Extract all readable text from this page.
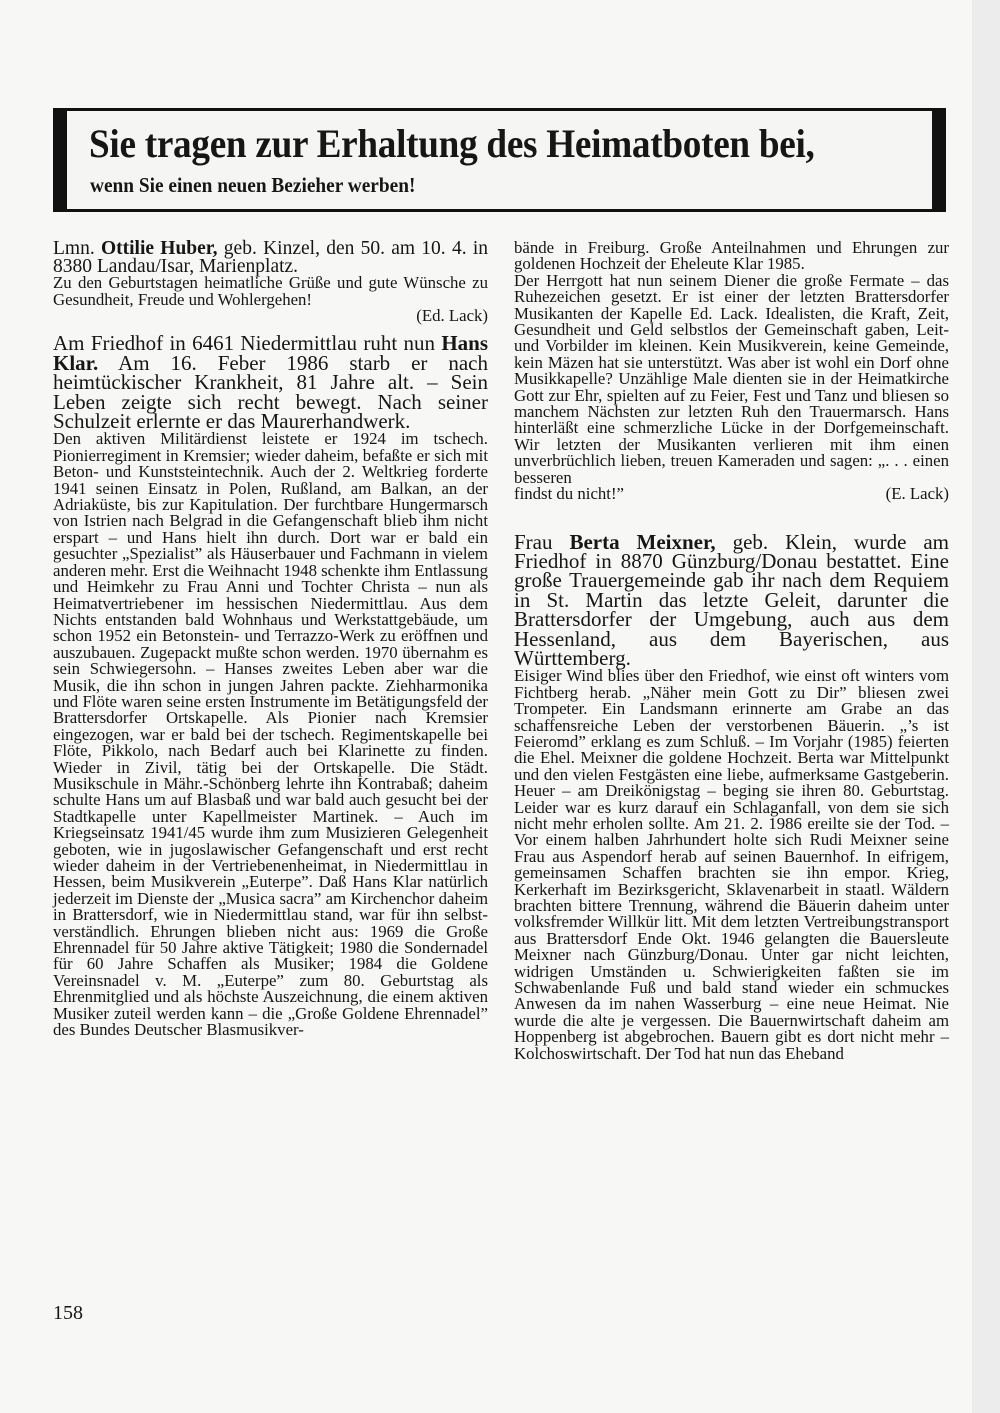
Sie tragen zur Erhaltung des Heimatboten bei,
wenn Sie einen neuen Bezieher werben!

Lmn. Ottilie Huber, geb. Kinzel, den 50. am 10. 4. in 8380 Landau/Isar, Marienplatz.

Zu den Geburtstagen heimatliche Grüße und gute Wünsche zu Gesundheit, Freude und Wohlergehen!

(Ed. Lack)

Am Friedhof in 6461 Niedermittlau ruht nun Hans Klar. Am 16. Feber 1986 starb er nach heimtückischer Krankheit, 81 Jahre alt. – Sein Leben zeigte sich recht bewegt. Nach seiner Schulzeit erlernte er das Maurerhandwerk.

Den aktiven Militärdienst leistete er 1924 im tschech. Pionierregiment in Kremsier; wieder daheim, befaßte er sich mit Beton- und Kunststeintechnik. Auch der 2. Weltkrieg forderte 1941 seinen Einsatz in Polen, Rußland, am Balkan, an der Adriaküste, bis zur Kapitulation. Der furchtbare Hungermarsch von Istrien nach Belgrad in die Gefangenschaft blieb ihm nicht erspart – und Hans hielt ihn durch. Dort war er bald ein gesuchter „Spezialist” als Häuserbauer und Fachmann in vielem anderen mehr. Erst die Weihnacht 1948 schenkte ihm Entlassung und Heimkehr zu Frau Anni und Tochter Christa – nun als Heimatvertriebener im hessischen Niedermittlau. Aus dem Nichts entstanden bald Wohnhaus und Werkstattgebäude, um schon 1952 ein Betonstein- und Terrazzo-Werk zu eröffnen und auszubauen. Zugepackt mußte schon werden. 1970 übernahm es sein Schwiegersohn. – Hanses zweites Leben aber war die Musik, die ihn schon in jungen Jahren packte. Ziehharmonika und Flöte waren seine ersten Instrumente im Betätigungsfeld der Brattersdorfer Ortskapelle. Als Pionier nach Kremsier eingezogen, war er bald bei der tschech. Regimentskapelle bei Flöte, Pikkolo, nach Bedarf auch bei Klarinette zu finden. Wieder in Zivil, tätig bei der Ortskapelle. Die Städt. Musikschule in Mähr.-Schönberg lehrte ihn Kontrabaß; daheim schulte Hans um auf Blasbaß und war bald auch gesucht bei der Stadtkapelle unter Kapellmeister Martinek. – Auch im Kriegseinsatz 1941/45 wurde ihm zum Musizieren Gelegenheit geboten, wie in jugoslawischer Gefangenschaft und erst recht wieder daheim in der Vertriebenenheimat, in Niedermittlau in Hessen, beim Musikverein „Euterpe”. Daß Hans Klar natürlich jederzeit im Dienste der „Musica sacra” am Kirchenchor daheim in Brattersdorf, wie in Niedermittlau stand, war für ihn selbstverständlich. Ehrungen blieben nicht aus: 1969 die Große Ehrennadel für 50 Jahre aktive Tätigkeit; 1980 die Sondernadel für 60 Jahre Schaffen als Musiker; 1984 die Goldene Vereinsnadel v. M. „Euterpe” zum 80. Geburtstag als Ehrenmitglied und als höchste Auszeichnung, die einem aktiven Musiker zuteil werden kann – die „Große Goldene Ehrennadel” des Bundes Deutscher Blasmusikver-

bände in Freiburg. Große Anteilnahmen und Ehrungen zur goldenen Hochzeit der Eheleute Klar 1985.

Der Herrgott hat nun seinem Diener die große Fermate – das Ruhezeichen gesetzt. Er ist einer der letzten Brattersdorfer Musikanten der Kapelle Ed. Lack. Idealisten, die Kraft, Zeit, Gesundheit und Geld selbstlos der Gemeinschaft gaben, Leit- und Vorbilder im kleinen. Kein Musikverein, keine Gemeinde, kein Mäzen hat sie unterstützt. Was aber ist wohl ein Dorf ohne Musikkapelle? Unzählige Male dienten sie in der Heimatkirche Gott zur Ehr, spielten auf zu Feier, Fest und Tanz und bliesen so manchem Nächsten zur letzten Ruh den Trauermarsch. Hans hinterläßt eine schmerzliche Lücke in der Dorfgemeinschaft. Wir letzten der Musikanten verlieren mit ihm einen unverbrüchlich lieben, treuen Kameraden und sagen: „. . . einen besseren

findst du nicht!”	(E. Lack)

Frau Berta Meixner, geb. Klein, wurde am Friedhof in 8870 Günzburg/Donau bestattet. Eine große Trauergemeinde gab ihr nach dem Requiem in St. Martin das letzte Geleit, darunter die Brattersdorfer der Umgebung, auch aus dem Hessenland, aus dem Bayerischen, aus Württemberg.

Eisiger Wind blies über den Friedhof, wie einst oft winters vom Fichtberg herab. „Näher mein Gott zu Dir” bliesen zwei Trompeter. Ein Landsmann erinnerte am Grabe an das schaffensreiche Leben der verstorbenen Bäuerin. „’s ist Feieromd” erklang es zum Schluß. – Im Vorjahr (1985) feierten die Ehel. Meixner die goldene Hochzeit. Berta war Mittelpunkt und den vielen Festgästen eine liebe, aufmerksame Gastgeberin. Heuer – am Dreikönigstag – beging sie ihren 80. Geburtstag. Leider war es kurz darauf ein Schlaganfall, von dem sie sich nicht mehr erholen sollte. Am 21. 2. 1986 ereilte sie der Tod. – Vor einem halben Jahrhundert holte sich Rudi Meixner seine Frau aus Aspendorf herab auf seinen Bauernhof. In eifrigem, gemeinsamen Schaffen brachten sie ihn empor. Krieg, Kerkerhaft im Bezirksgericht, Sklavenarbeit in staatl. Wäldern brachten bittere Trennung, während die Bäuerin daheim unter volksfremder Willkür litt. Mit dem letzten Vertreibungstransport aus Brattersdorf Ende Okt. 1946 gelangten die Bauersleute Meixner nach Günzburg/Donau. Unter gar nicht leichten, widrigen Umständen u. Schwierigkeiten faßten sie im Schwabenlande Fuß und bald stand wieder ein schmuckes Anwesen da im nahen Wasserburg – eine neue Heimat. Nie wurde die alte je vergessen. Die Bauernwirtschaft daheim am Hoppenberg ist abgebrochen. Bauern gibt es dort nicht mehr – Kolchoswirtschaft. Der Tod hat nun das Eheband

158
